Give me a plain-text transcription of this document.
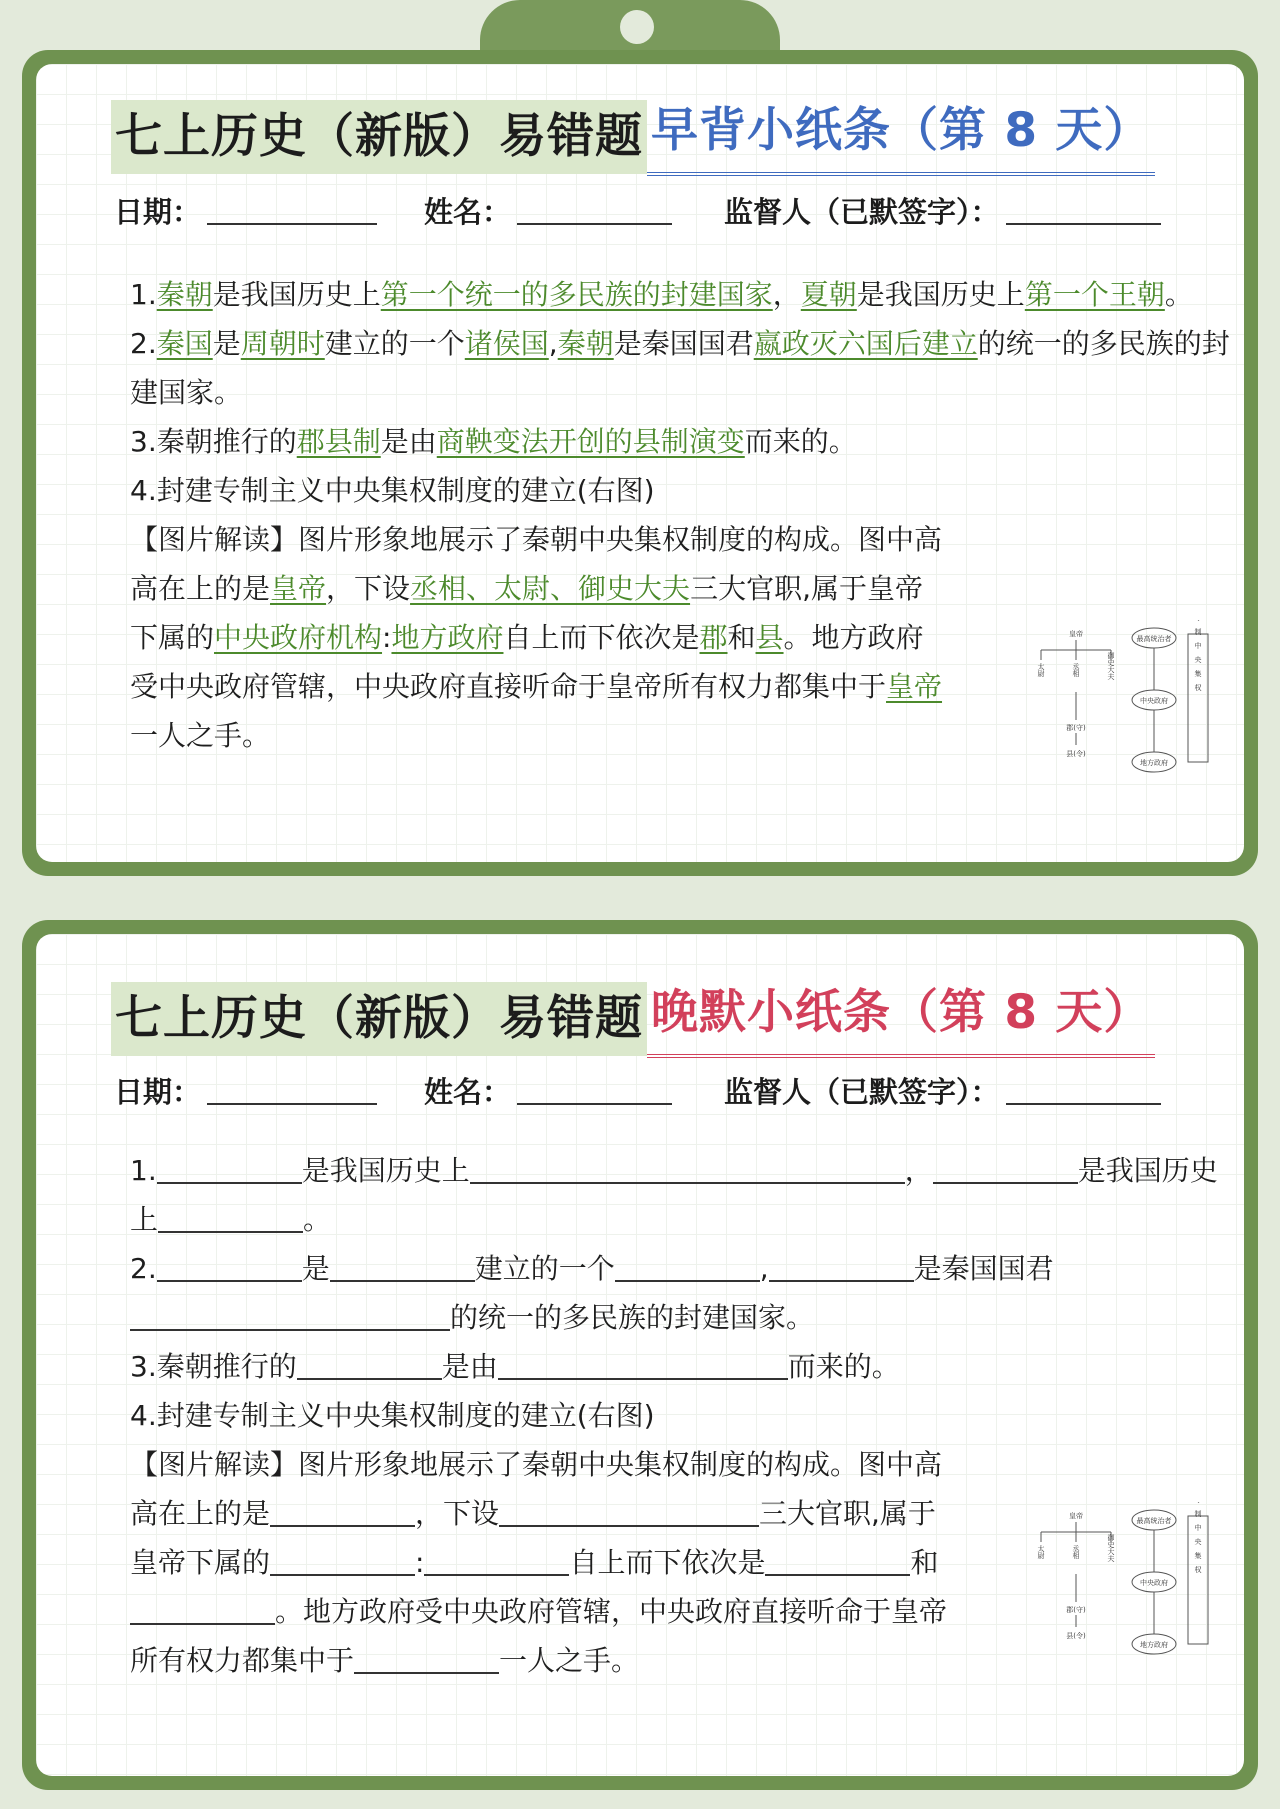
七上历史（新版）易错题 早背小纸条（第 8 天）
日期：	姓名：	监督人（已默签字）：

1.秦朝是我国历史上第一个统一的多民族的封建国家，夏朝是我国历史上第一个王朝。

2.秦国是周朝时建立的一个诸侯国,秦朝是秦国国君嬴政灭六国后建立的统一的多民族的封建国家。

3.秦朝推行的郡县制是由商鞅变法开创的县制演变而来的。

4.封建专制主义中央集权制度的建立(右图)

【图片解读】图片形象地展示了秦朝中央集权制度的构成。图中高高在上的是皇帝，下设丞相、太尉、御史大夫三大官职,属于皇帝下属的中央政府机构:地方政府自上而下依次是郡和县。地方政府受中央政府管辖，中央政府直接听命于皇帝所有权力都集中于皇帝一人之手。

皇帝
太尉	丞相	御史大夫
郡(守)
县(令)
最高统治者
中央政府
地方政府
君主专制中央集权
七上历史（新版）易错题 晚默小纸条（第 8 天）
日期：	姓名：	监督人（已默签字）：

1.	是我国历史上	，	是我国历史上	。

2.	是	建立的一个	,	是秦国国君的统一的多民族的封建国家。

3.秦朝推行的	是由	而来的。

4.封建专制主义中央集权制度的建立(右图)

【图片解读】图片形象地展示了秦朝中央集权制度的构成。图中高高在上的是	，下设	三大官职,属于皇帝下属的	:	自上而下依次是	和。地方政府受中央政府管辖，中央政府直接听命于皇帝所有权力都集中于	一人之手。

皇帝
太尉	丞相	御史大夫
郡(守)
县(令)
最高统治者
中央政府
地方政府
君主专制中央集权
